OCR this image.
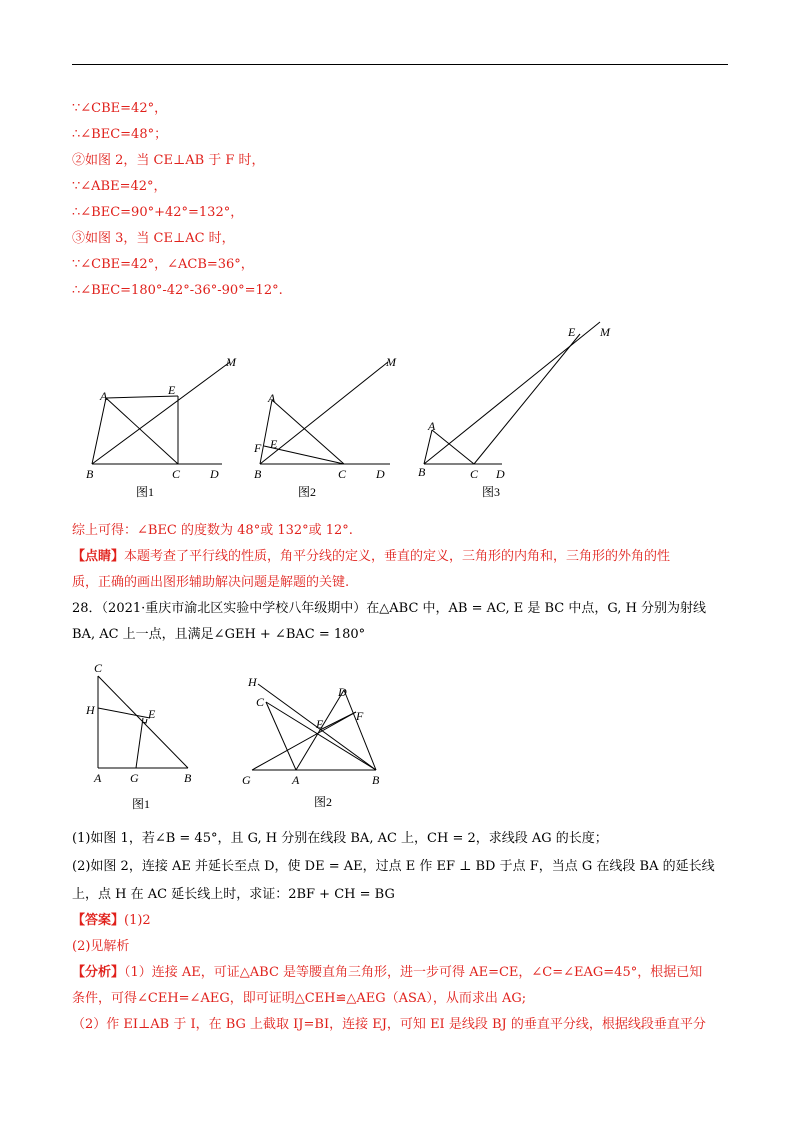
∵∠CBE=42°，
∴∠BEC=48°；
②如图 2，当 CE⊥AB 于 F 时，
∵∠ABE=42°，
∴∠BEC=90°+42°=132°，
③如图 3，当 CE⊥AC 时，
∵∠CBE=42°，∠ACB=36°，
∴∠BEC=180°-42°-36°-90°=12°.
A
B	C D
E
M
图1
A
B	C D
E
F
M
图2
A
B	C D
E M
图3
综上可得：∠BEC 的度数为 48°或 132°或 12°.
【点睛】本题考查了平行线的性质，角平分线的定义，垂直的定义，三角形的内角和，三角形的外角的性
质，正确的画出图形辅助解决问题是解题的关键.
28．（2021·重庆市渝北区实验中学校八年级期中）在△ABC 中，AB = AC, E 是 BC 中点，G, H 分别为射线
BA, AC 上一点，且满足∠GEH + ∠BAC = 180°
C
H	E
A G	B
图1
H
C
D
F
E
G	A	B
图2
(1)如图 1，若∠B = 45°，且 G, H 分别在线段 BA, AC 上，CH = 2，求线段 AG 的长度；
(2)如图 2，连接 AE 并延长至点 D，使 DE = AE，过点 E 作 EF ⊥ BD 于点 F，当点 G 在线段 BA 的延长线
上，点 H 在 AC 延长线上时，求证：2BF + CH = BG
【答案】(1)2
(2)见解析
【分析】（1）连接 AE，可证△ABC 是等腰直角三角形，进一步可得 AE=CE，∠C=∠EAG=45°，根据已知
条件，可得∠CEH=∠AEG，即可证明△CEH≌△AEG（ASA），从而求出 AG;
（2）作 EI⊥AB 于 I，在 BG 上截取 IJ=BI，连接 EJ，可知 EI 是线段 BJ 的垂直平分线，根据线段垂直平分
